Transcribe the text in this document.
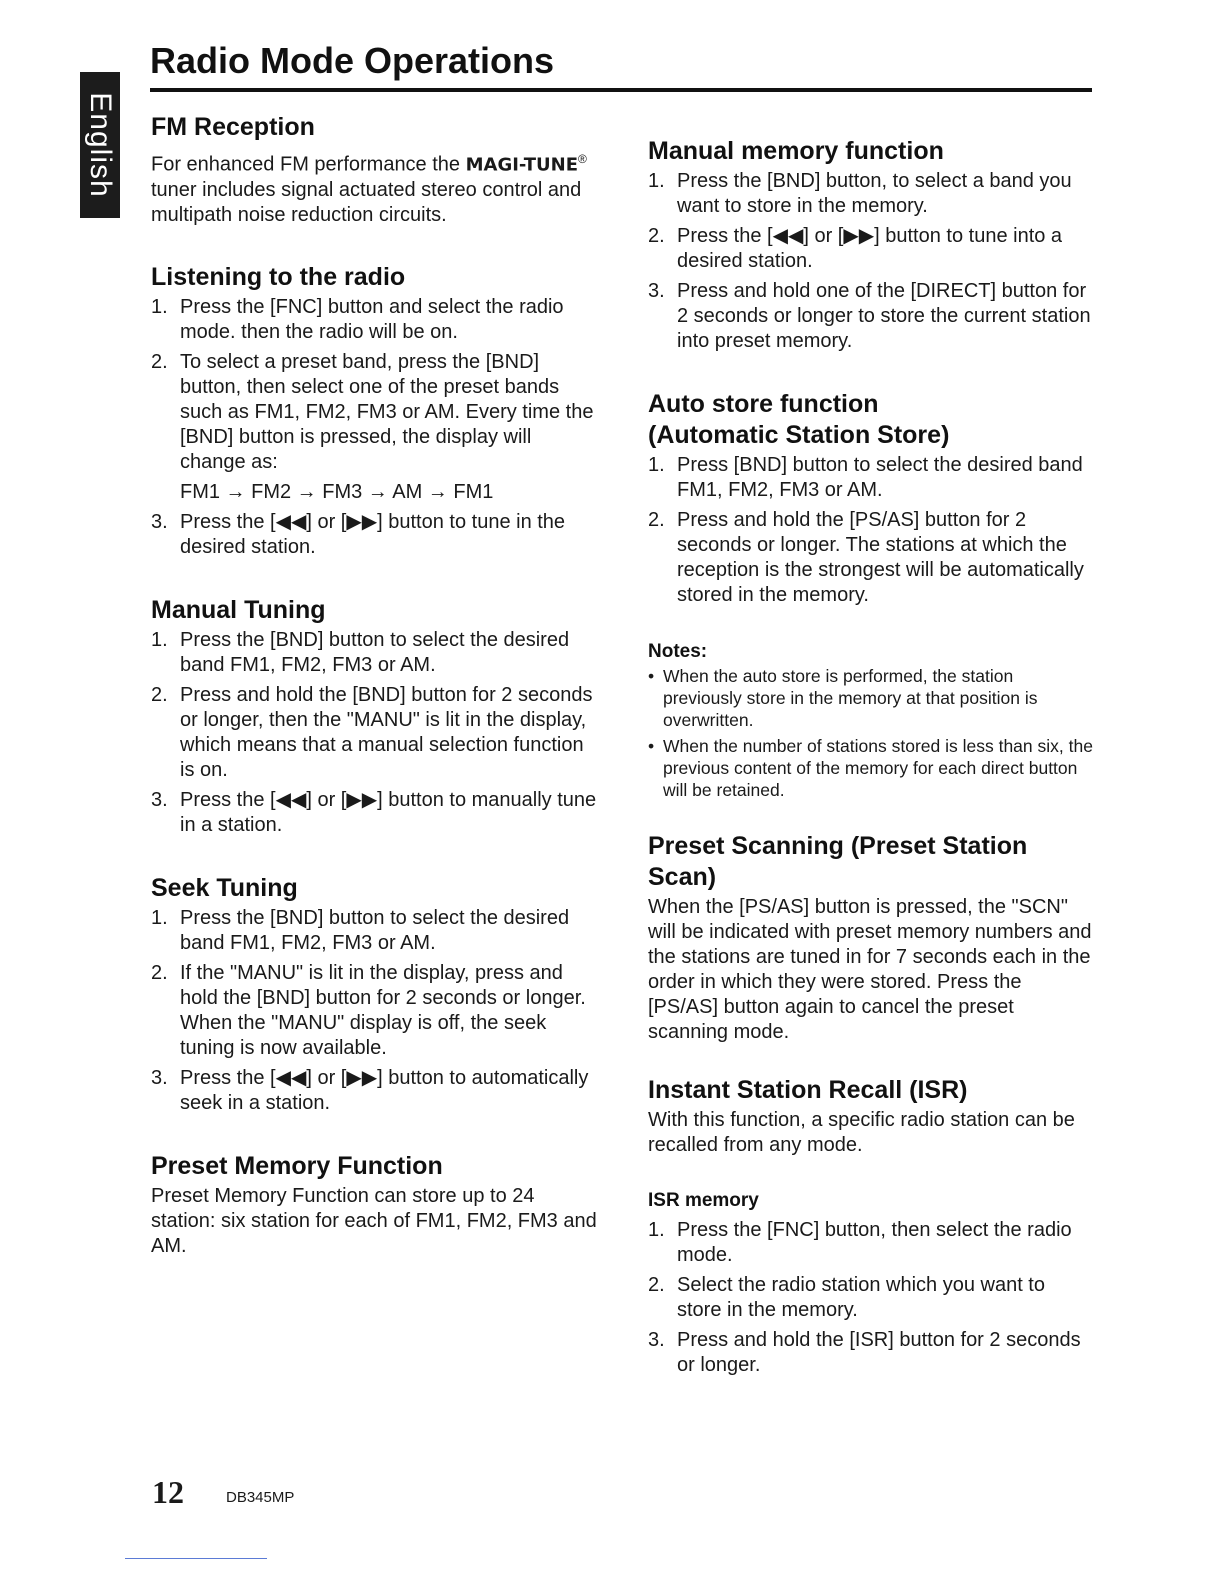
English
Radio Mode Operations
FM Reception

For enhanced FM performance the MAGI-TUNE® tuner includes signal actuated stereo control and multipath noise reduction circuits.

Listening to the radio
1. Press the [FNC] button and select the radio mode. then the radio will be on.
2. To select a preset band, press the [BND] button, then select one of the preset bands such as FM1, FM2, FM3 or AM. Every time the [BND] button is pressed, the display will change as:
FM1 → FM2 → FM3 → AM → FM1
3. Press the [◀◀] or [▶▶] button to tune in the desired station.
Manual Tuning
1. Press the [BND] button to select the desired band FM1, FM2, FM3 or AM.
2. Press and hold the [BND] button for 2 seconds or longer, then the "MANU" is lit in the display, which means that a manual selection function is on.
3. Press the [◀◀] or [▶▶] button to manually tune in a station.
Seek Tuning
1. Press the [BND] button to select the desired band FM1, FM2, FM3 or AM.
2. If the "MANU" is lit in the display, press and hold the [BND] button for 2 seconds or longer. When the "MANU" display is off, the seek tuning is now available.
3. Press the [◀◀] or [▶▶] button to automatically seek in a station.
Preset Memory Function

Preset Memory Function can store up to 24 station: six station for each of FM1, FM2, FM3 and AM.

Manual memory function
1. Press the [BND] button, to select a band you want to store in the memory.
2. Press the [◀◀] or [▶▶] button to tune into a desired station.
3. Press and hold one of the [DIRECT] button for 2 seconds or longer to store the current station into preset memory.
Auto store function
(Automatic Station Store)
1. Press [BND] button to select the desired band FM1, FM2, FM3 or AM.
2. Press and hold the [PS/AS] button for 2 seconds or longer. The stations at which the reception is the strongest will be automatically stored in the memory.
Notes:
• When the auto store is performed, the station previously store in the memory at that position is overwritten.
• When the number of stations stored is less than six, the previous content of the memory for each direct button will be retained.
Preset Scanning (Preset Station Scan)

When the [PS/AS] button is pressed, the "SCN" will be indicated with preset memory numbers and the stations are tuned in for 7 seconds each in the order in which they were stored. Press the [PS/AS] button again to cancel the preset scanning mode.

Instant Station Recall (ISR)

With this function, a specific radio station can be recalled from any mode.

ISR memory
1. Press the [FNC] button, then select the radio mode.
2. Select the radio station which you want to store in the memory.
3. Press and hold the [ISR] button for 2 seconds or longer.
12	DB345MP
